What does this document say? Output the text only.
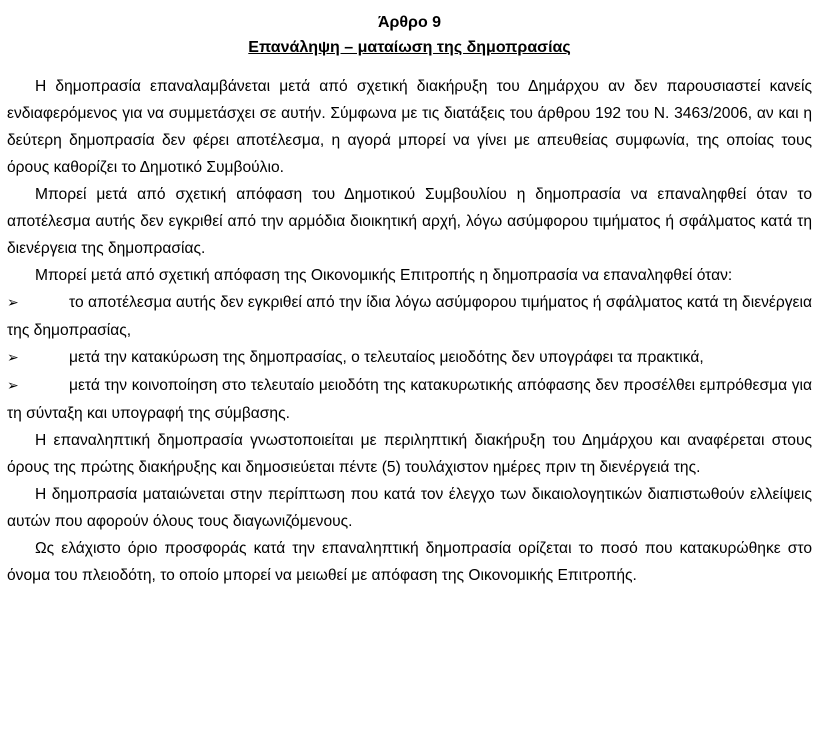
Άρθρο 9
Επανάληψη – ματαίωση της δημοπρασίας

Η δημοπρασία επαναλαμβάνεται μετά από σχετική διακήρυξη του Δημάρχου αν δεν παρουσιαστεί κανείς ενδιαφερόμενος για να συμμετάσχει σε αυτήν. Σύμφωνα με τις διατάξεις του άρθρου 192 του Ν. 3463/2006, αν και η δεύτερη δημοπρασία δεν φέρει αποτέλεσμα, η αγορά μπορεί να γίνει με απευθείας συμφωνία, της οποίας τους όρους καθορίζει το Δημοτικό Συμβούλιο.

Μπορεί μετά από σχετική απόφαση του Δημοτικού Συμβουλίου η δημοπρασία να επαναληφθεί όταν το αποτέλεσμα αυτής δεν εγκριθεί από την αρμόδια διοικητική αρχή, λόγω ασύμφορου τιμήματος ή σφάλματος κατά τη διενέργεια της δημοπρασίας.

Μπορεί μετά από σχετική απόφαση της Οικονομικής Επιτροπής η δημοπρασία να επαναληφθεί όταν:

➢	το αποτέλεσμα αυτής δεν εγκριθεί από την ίδια λόγω ασύμφορου τιμήματος ή σφάλματος κατά τη διενέργεια της δημοπρασίας,

➢	μετά την κατακύρωση της δημοπρασίας, ο τελευταίος μειοδότης δεν υπογράφει τα πρακτικά,

➢	μετά την κοινοποίηση στο τελευταίο μειοδότη της κατακυρωτικής απόφασης δεν προσέλθει εμπρόθεσμα για τη σύνταξη και υπογραφή της σύμβασης.

Η επαναληπτική δημοπρασία γνωστοποιείται με περιληπτική διακήρυξη του Δημάρχου και αναφέρεται στους όρους της πρώτης διακήρυξης και δημοσιεύεται πέντε (5) τουλάχιστον ημέρες πριν τη διενέργειά της.

Η δημοπρασία ματαιώνεται στην περίπτωση που κατά τον έλεγχο των δικαιολογητικών διαπιστωθούν ελλείψεις αυτών που αφορούν όλους τους διαγωνιζόμενους.

Ως ελάχιστο όριο προσφοράς κατά την επαναληπτική δημοπρασία ορίζεται το ποσό που κατακυρώθηκε στο όνομα του πλειοδότη, το οποίο μπορεί να μειωθεί με απόφαση της Οικονομικής Επιτροπής.
